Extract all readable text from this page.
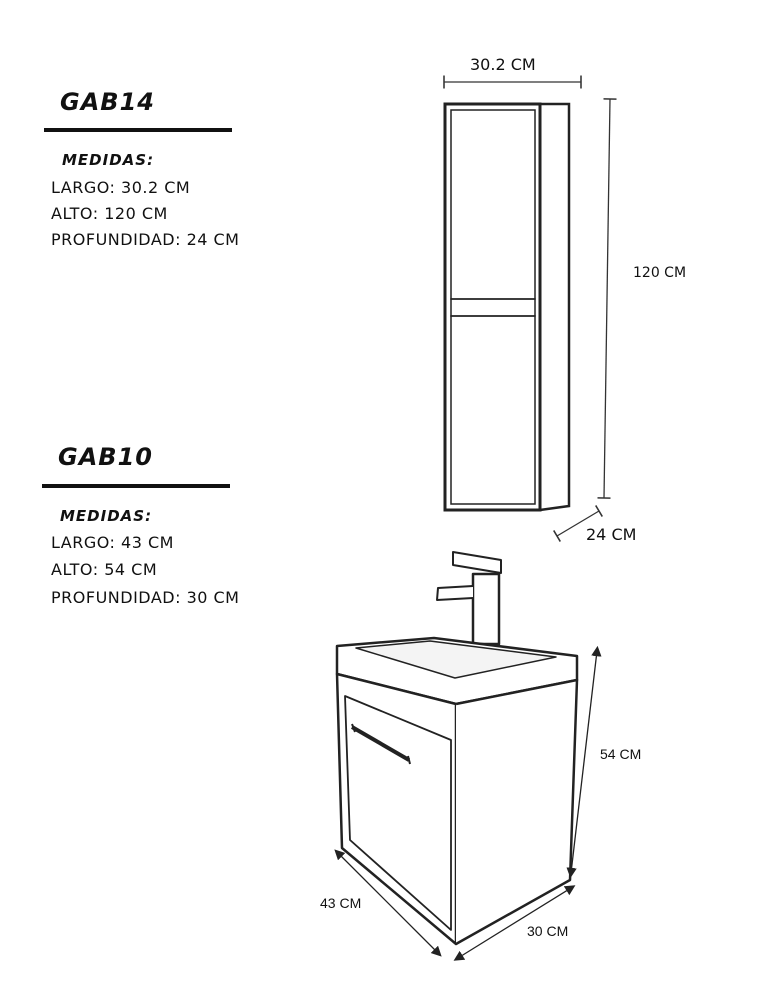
GAB14
MEDIDAS:
LARGO: 30.2 CM
ALTO: 120 CM
PROFUNDIDAD: 24 CM
GAB10
MEDIDAS:
LARGO: 43 CM
ALTO: 54 CM
PROFUNDIDAD: 30 CM
30.2 CM
120 CM
24 CM
54 CM
43 CM
30 CM
